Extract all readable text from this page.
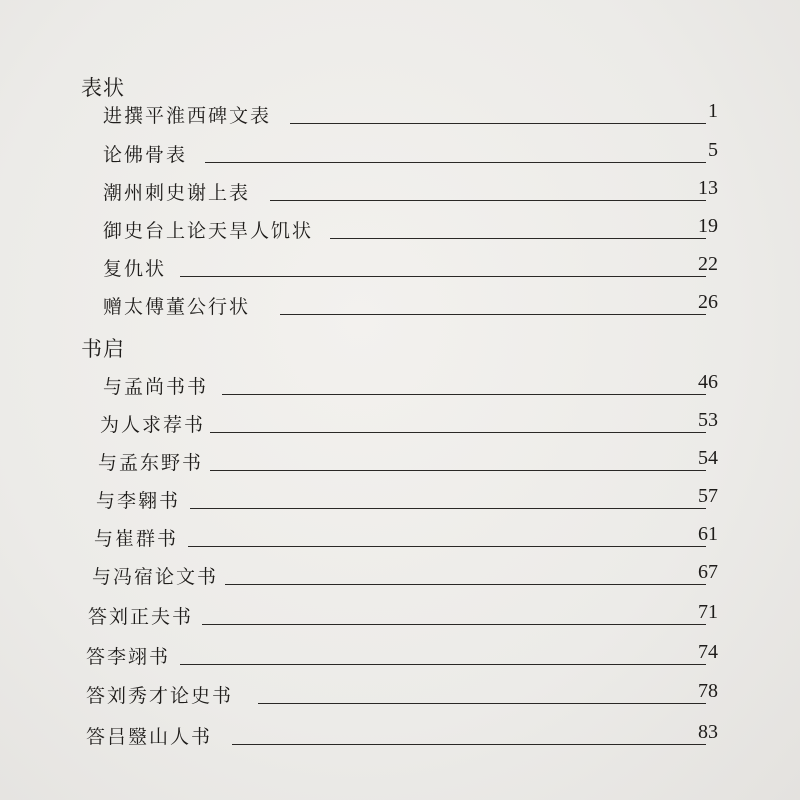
表状
进撰平淮西碑文表	1
论佛骨表	5
潮州刺史谢上表	13
御史台上论天旱人饥状	19
复仇状	22
赠太傅董公行状	26
书启
与孟尚书书	46
为人求荐书	53
与孟东野书	54
与李翱书	57
与崔群书	61
与冯宿论文书	67
答刘正夫书	71
答李翊书	74
答刘秀才论史书	78
答吕毉山人书	83
